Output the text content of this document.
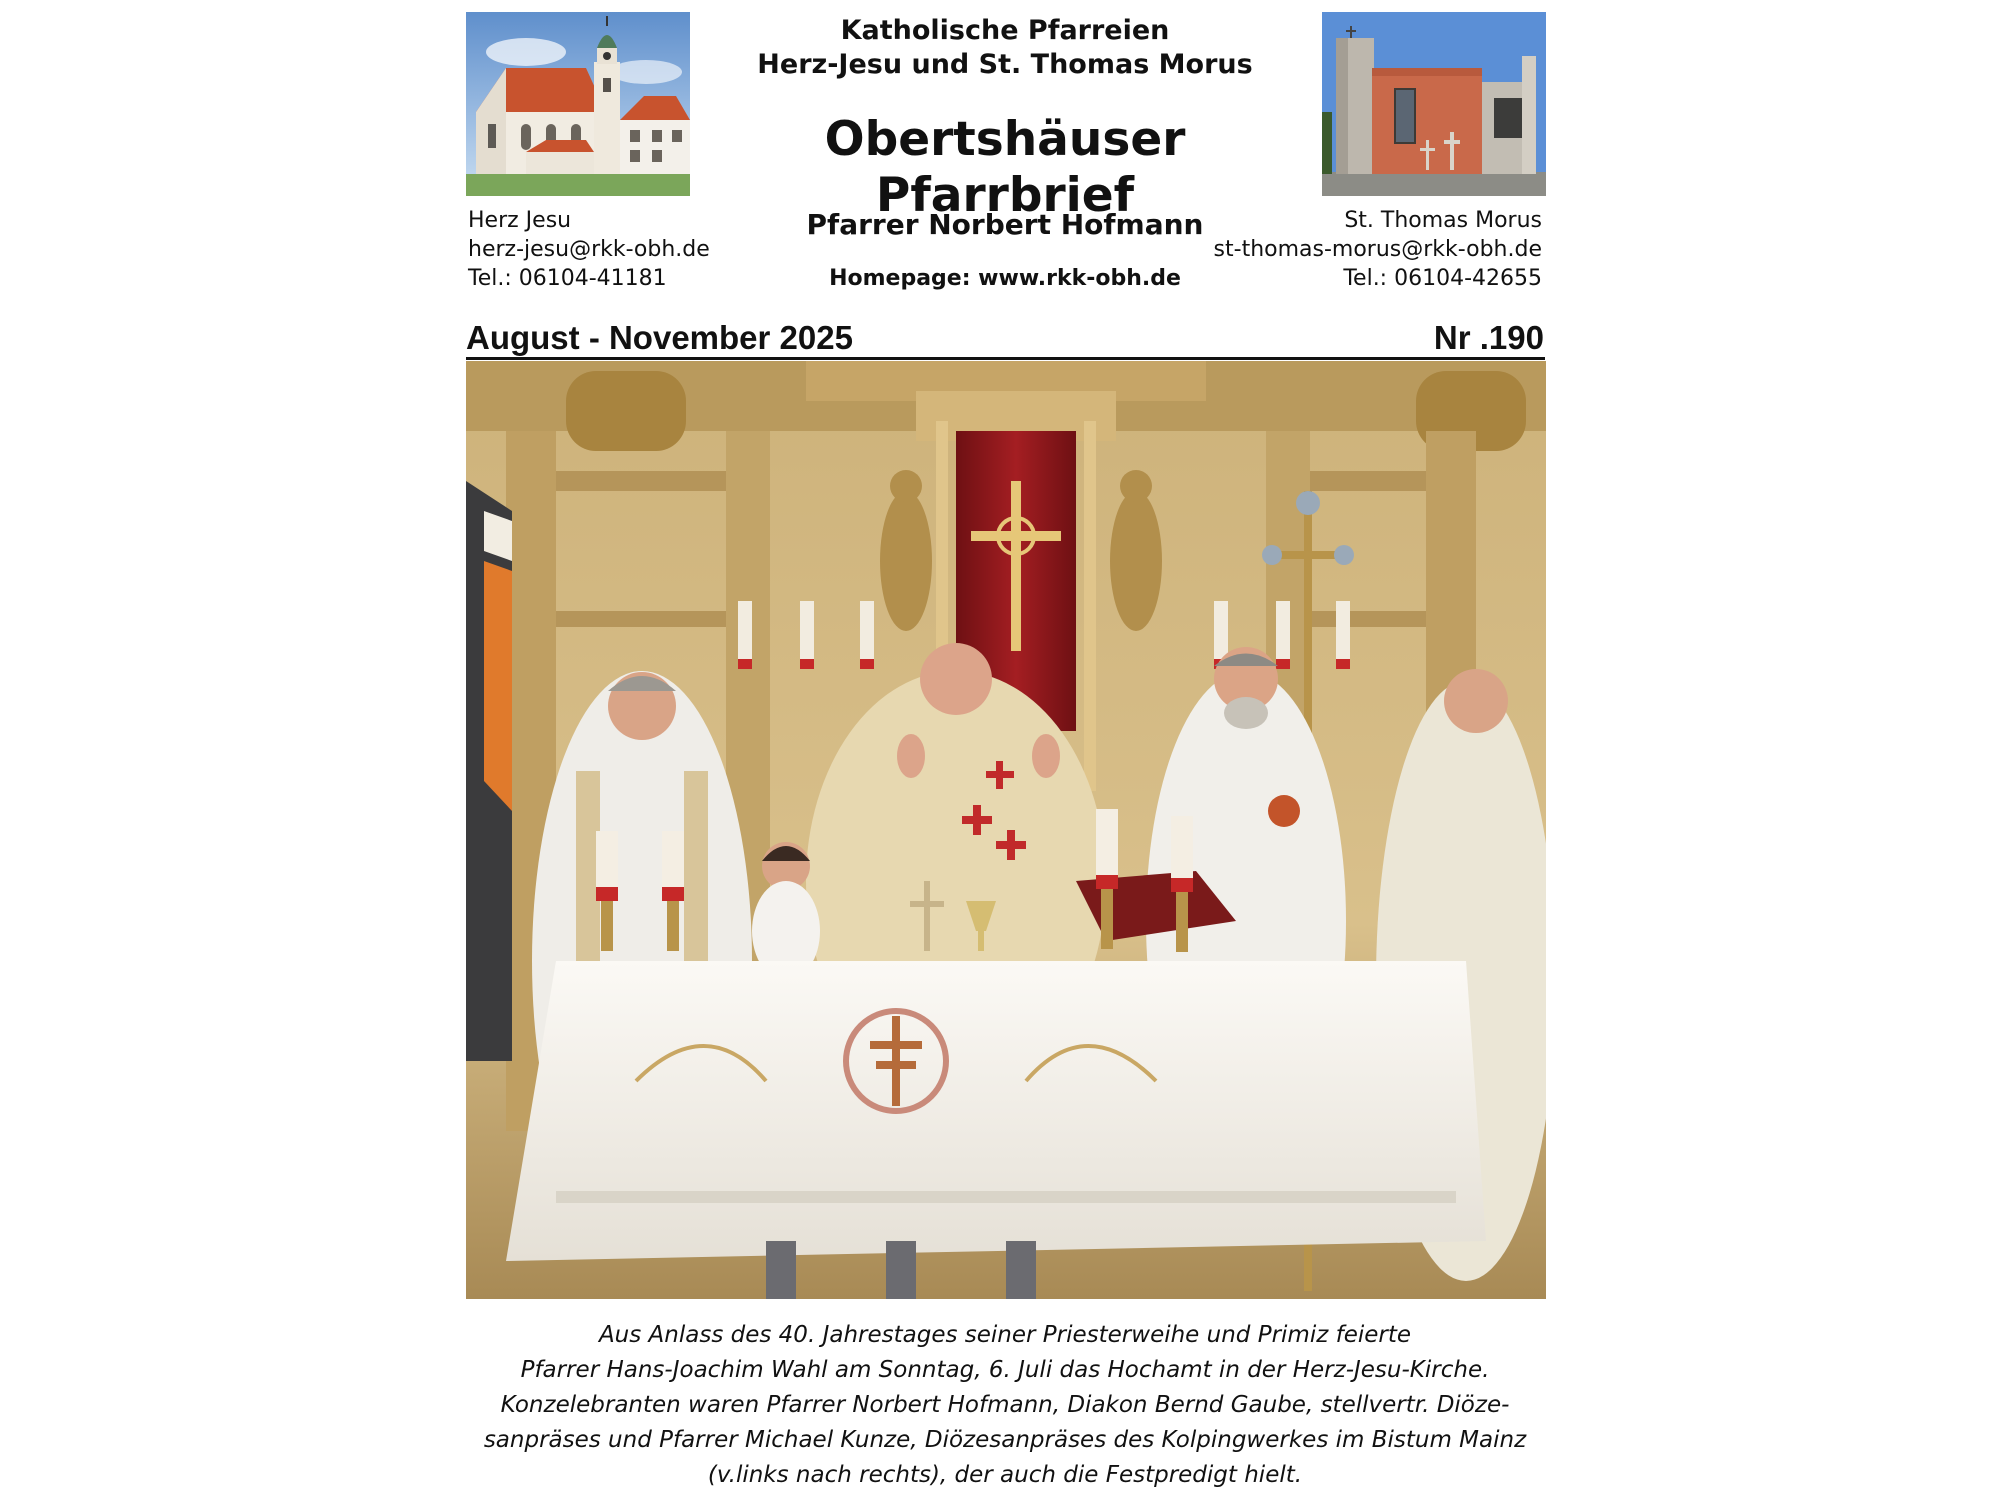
Katholische Pfarreien
Herz-Jesu und St. Thomas Morus
Obertshäuser Pfarrbrief
Pfarrer Norbert Hofmann
Homepage: www.rkk-obh.de
Herz Jesu
herz-jesu@rkk-obh.de
Tel.: 06104-41181
St. Thomas Morus
st-thomas-morus@rkk-obh.de
Tel.: 06104-42655
August - November 2025	Nr .190
Aus Anlass des 40. Jahrestages seiner Priesterweihe und Primiz feierte
Pfarrer Hans-Joachim Wahl am Sonntag, 6. Juli das Hochamt in der Herz-Jesu-Kirche.
Konzelebranten waren Pfarrer Norbert Hofmann, Diakon Bernd Gaube, stellvertr. Diöze-
sanpräses und Pfarrer Michael Kunze, Diözesanpräses des Kolpingwerkes im Bistum Mainz
(v.links nach rechts), der auch die Festpredigt hielt.
